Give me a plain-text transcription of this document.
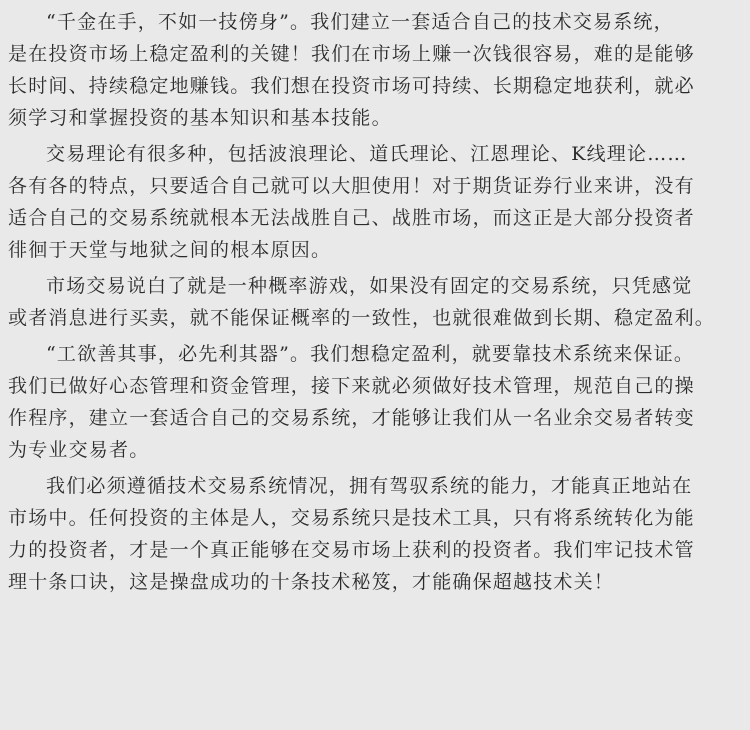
“千金在手，不如一技傍身”。我们建立一套适合自己的技术交易系统，
是在投资市场上稳定盈利的关键！我们在市场上赚一次钱很容易，难的是能够
长时间、持续稳定地赚钱。我们想在投资市场可持续、长期稳定地获利，就必
须学习和掌握投资的基本知识和基本技能。

交易理论有很多种，包括波浪理论、道氏理论、江恩理论、K线理论……
各有各的特点，只要适合自己就可以大胆使用！对于期货证券行业来讲，没有
适合自己的交易系统就根本无法战胜自己、战胜市场，而这正是大部分投资者
徘徊于天堂与地狱之间的根本原因。

市场交易说白了就是一种概率游戏，如果没有固定的交易系统，只凭感觉
或者消息进行买卖，就不能保证概率的一致性，也就很难做到长期、稳定盈利。

“工欲善其事，必先利其器”。我们想稳定盈利，就要靠技术系统来保证。
我们已做好心态管理和资金管理，接下来就必须做好技术管理，规范自己的操
作程序，建立一套适合自己的交易系统，才能够让我们从一名业余交易者转变
为专业交易者。

我们必须遵循技术交易系统情况，拥有驾驭系统的能力，才能真正地站在
市场中。任何投资的主体是人，交易系统只是技术工具，只有将系统转化为能
力的投资者，才是一个真正能够在交易市场上获利的投资者。我们牢记技术管
理十条口诀，这是操盘成功的十条技术秘笈，才能确保超越技术关！
